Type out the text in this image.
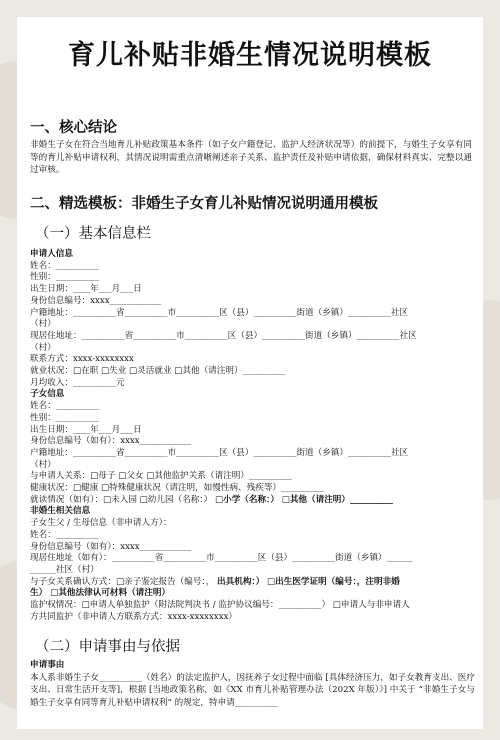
育儿补贴非婚生情况说明模板
一、核心结论
非婚生子女在符合当地育儿补贴政策基本条件（如子女户籍登记、监护人经济状况等）的前提下，与婚生子女享有同等的育儿补贴申请权利，其情况说明需重点清晰阐述亲子关系、监护责任及补贴申请依据，确保材料真实、完整以通过审核。
二、精选模板：非婚生子女育儿补贴情况说明通用模板
（一）基本信息栏
申请人信息
姓名：__________
性别：__________
出生日期：____年___月___日
身份信息编号：xxxx____________
户籍地址：__________省__________市__________区（县）__________街道（乡镇）__________社区
（村）
现居住地址：__________省__________市__________区（县）__________街道（乡镇）__________社区
（村）
联系方式：xxxx-xxxxxxxx
就业状况：□在职 □失业 □灵活就业 □其他（请注明）__________
月均收入：__________元
子女信息
姓名：__________
性别：__________
出生日期：____年___月___日
身份信息编号（如有）：xxxx____________
户籍地址：__________省__________市__________区（县）__________街道（乡镇）__________社区
（村）
与申请人关系：□母子 □父女 □其他监护关系（请注明）__________
健康状况：□健康 □特殊健康状况（请注明，如慢性病、残疾等）__________
就读情况（如有）：□未入园 □幼儿园（名称：） □小学（名称：） □其他（请注明）__________
非婚生相关信息
子女生父 / 生母信息（非申请人方）：
姓名：__________
身份信息编号（如有）：xxxx____________
现居住地址（如有）：__________省__________市__________区（县）__________街道（乡镇）______
______社区（村）
与子女关系确认方式：□亲子鉴定报告（编号：， 出具机构：） □出生医学证明（编号：，注明非婚
生） □其他法律认可材料（请注明）
监护权情况：□申请人单独监护（附法院判决书 / 监护协议编号：__________） □申请人与非申请人
方共同监护（非申请人方联系方式：xxxx-xxxxxxxx）
（二）申请事由与依据
申请事由
本人系非婚生子女__________（姓名）的法定监护人，因抚养子女过程中面临 [具体经济压力，如子女教育支出、医疗支出、日常生活开支等]，根据 [当地政策名称，如《XX 市育儿补贴管理办法（202X 年版）》] 中关于 “非婚生子女与婚生子女享有同等育儿补贴申请权利” 的规定，特申请__________
